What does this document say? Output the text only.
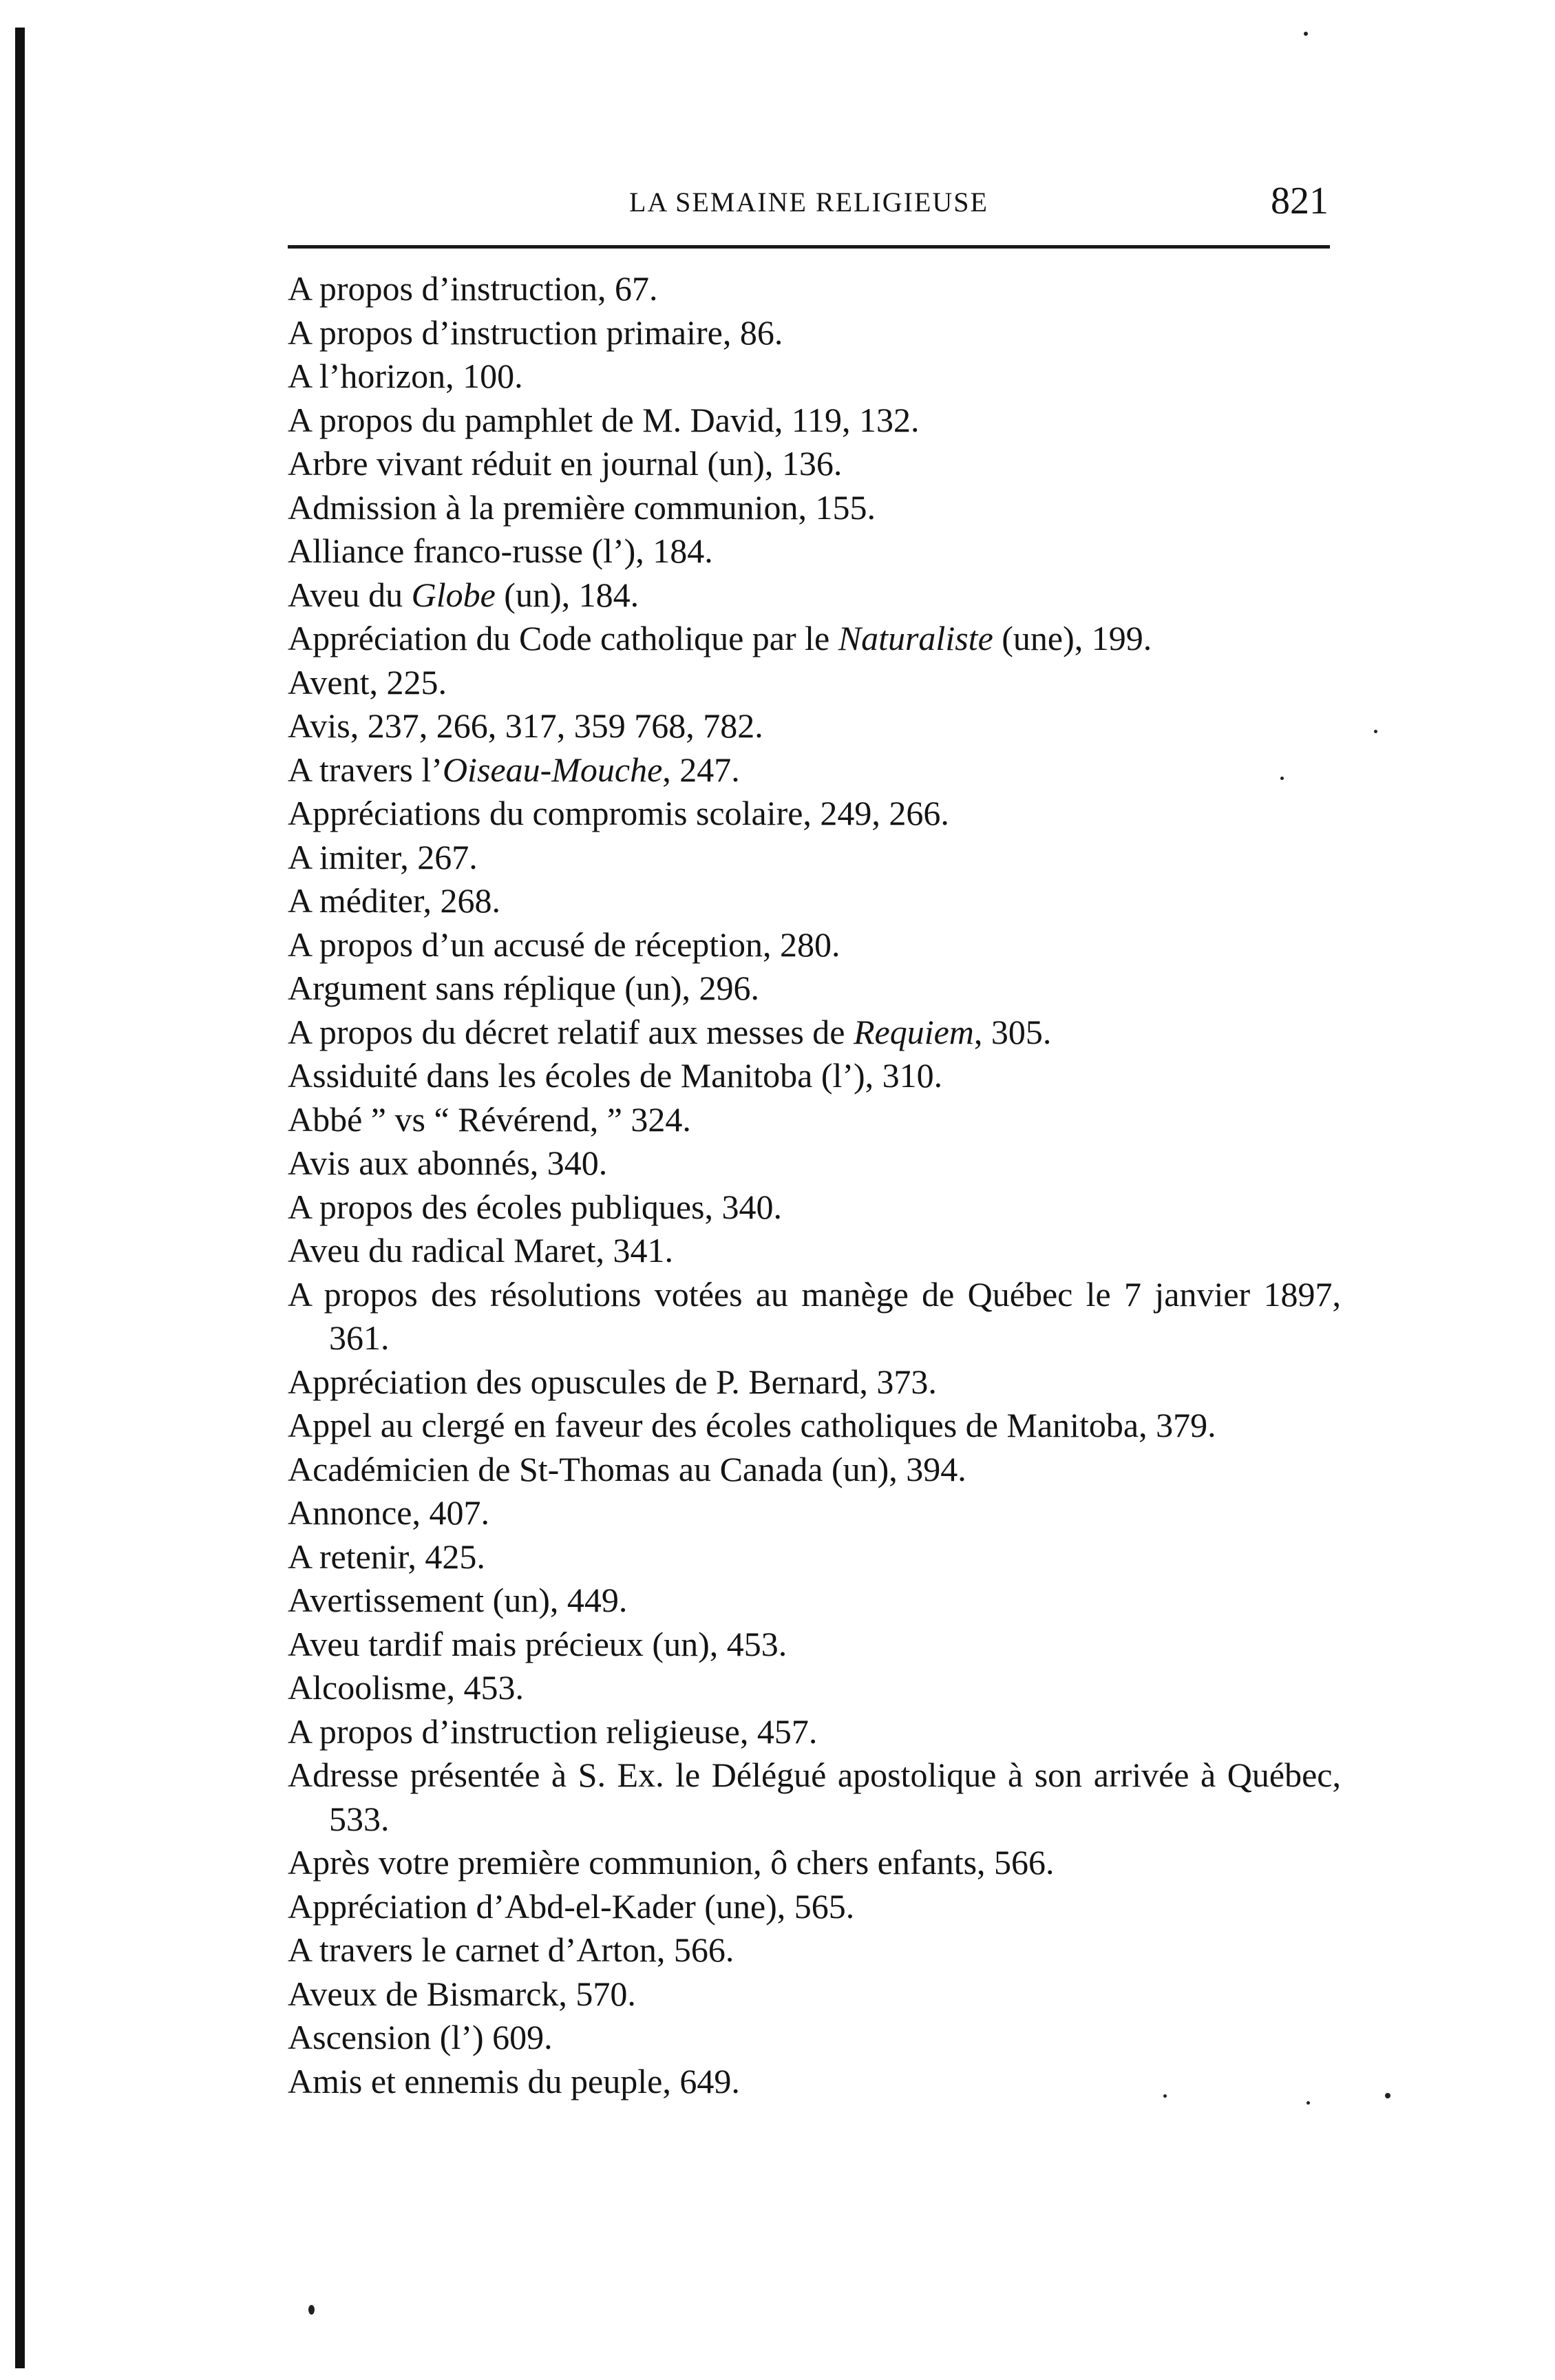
LA SEMAINE RELIGIEUSE	821
A propos d’instruction, 67.
A propos d’instruction primaire, 86.
A l’horizon, 100.
A propos du pamphlet de M. David, 119, 132.
Arbre vivant réduit en journal (un), 136.
Admission à la première communion, 155.
Alliance franco-russe (l’), 184.
Aveu du Globe (un), 184.
Appréciation du Code catholique par le Naturaliste (une), 199.
Avent, 225.
Avis, 237, 266, 317, 359 768, 782.
A travers l’Oiseau-Mouche, 247.
Appréciations du compromis scolaire, 249, 266.
A imiter, 267.
A méditer, 268.
A propos d’un accusé de réception, 280.
Argument sans réplique (un), 296.
A propos du décret relatif aux messes de Requiem, 305.
Assiduité dans les écoles de Manitoba (l’), 310.
Abbé ” vs “ Révérend, ” 324.
Avis aux abonnés, 340.
A propos des écoles publiques, 340.
Aveu du radical Maret, 341.
A propos des résolutions votées au manège de Québec le 7 janvier 1897, 361.
Appréciation des opuscules de P. Bernard, 373.
Appel au clergé en faveur des écoles catholiques de Manitoba, 379.
Académicien de St-Thomas au Canada (un), 394.
Annonce, 407.
A retenir, 425.
Avertissement (un), 449.
Aveu tardif mais précieux (un), 453.
Alcoolisme, 453.
A propos d’instruction religieuse, 457.
Adresse présentée à S. Ex. le Délégué apostolique à son arrivée à Québec, 533.
Après votre première communion, ô chers enfants, 566.
Appréciation d’Abd-el-Kader (une), 565.
A travers le carnet d’Arton, 566.
Aveux de Bismarck, 570.
Ascension (l’) 609.
Amis et ennemis du peuple, 649.
